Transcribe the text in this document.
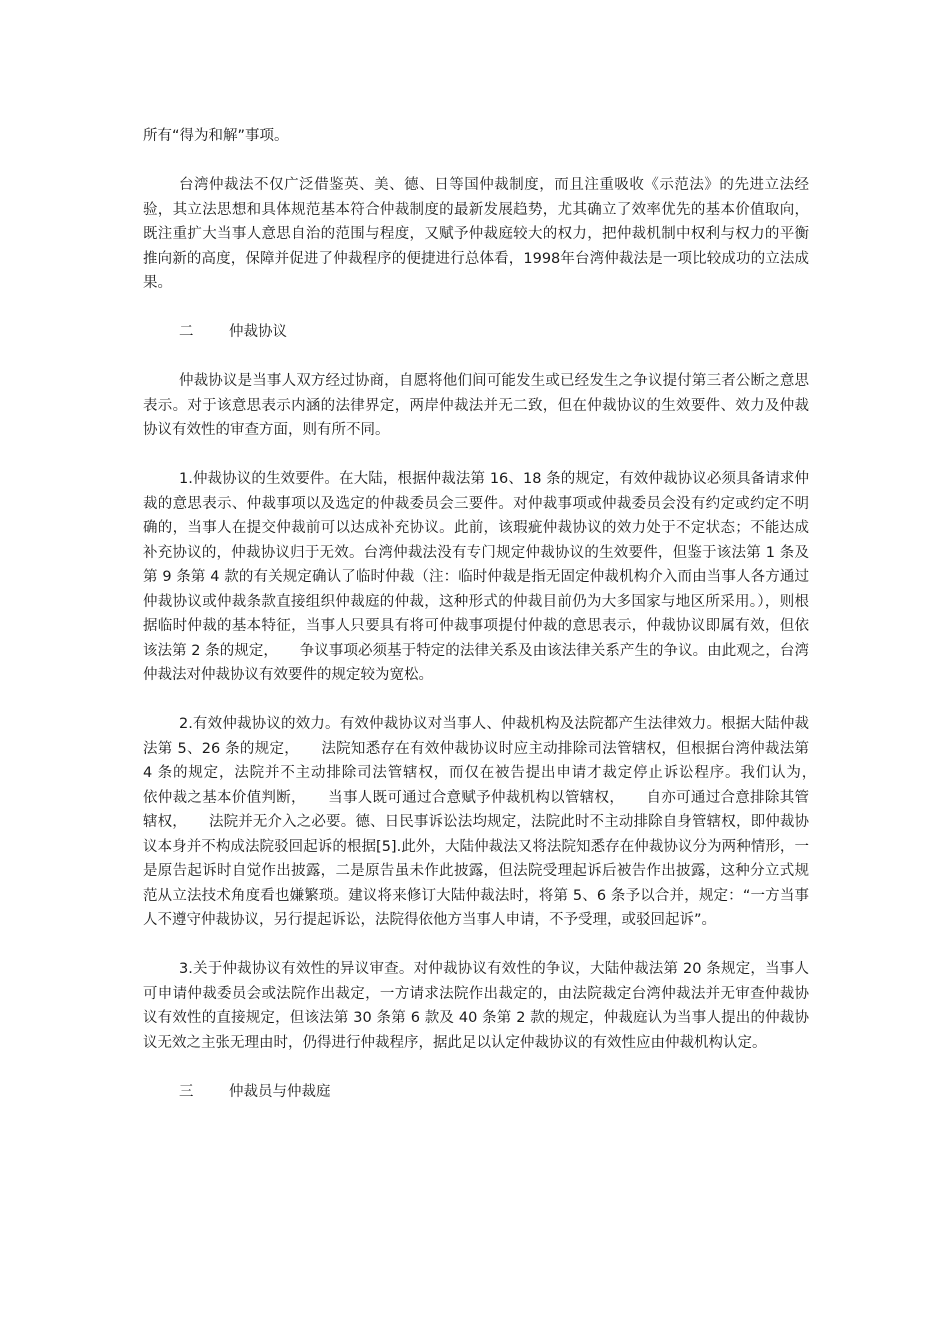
所有“得为和解”事项。

台湾仲裁法不仅广泛借鉴英、美、德、日等国仲裁制度，而且注重吸收《示范法》的先进立法经验，其立法思想和具体规范基本符合仲裁制度的最新发展趋势，尤其确立了效率优先的基本价值取向，既注重扩大当事人意思自治的范围与程度，又赋予仲裁庭较大的权力，把仲裁机制中权利与权力的平衡推向新的高度，保障并促进了仲裁程序的便捷进行总体看，1998年台湾仲裁法是一项比较成功的立法成果。

二 仲裁协议

仲裁协议是当事人双方经过协商，自愿将他们间可能发生或已经发生之争议提付第三者公断之意思表示。对于该意思表示内涵的法律界定，两岸仲裁法并无二致，但在仲裁协议的生效要件、效力及仲裁协议有效性的审查方面，则有所不同。

1.仲裁协议的生效要件。在大陆，根据仲裁法第 16、18 条的规定，有效仲裁协议必须具备请求仲裁的意思表示、仲裁事项以及选定的仲裁委员会三要件。对仲裁事项或仲裁委员会没有约定或约定不明确的，当事人在提交仲裁前可以达成补充协议。此前，该瑕疵仲裁协议的效力处于不定状态；不能达成补充协议的，仲裁协议归于无效。台湾仲裁法没有专门规定仲裁协议的生效要件，但鉴于该法第 1 条及第 9 条第 4 款的有关规定确认了临时仲裁（注：临时仲裁是指无固定仲裁机构介入而由当事人各方通过仲裁协议或仲裁条款直接组织仲裁庭的仲裁，这种形式的仲裁目前仍为大多国家与地区所采用。），则根据临时仲裁的基本特征，当事人只要具有将可仲裁事项提付仲裁的意思表示，仲裁协议即属有效，但依该法第 2 条的规定，　　争议事项必须基于特定的法律关系及由该法律关系产生的争议。由此观之，台湾仲裁法对仲裁协议有效要件的规定较为宽松。

2.有效仲裁协议的效力。有效仲裁协议对当事人、仲裁机构及法院都产生法律效力。根据大陆仲裁法第 5、26 条的规定，　　法院知悉存在有效仲裁协议时应主动排除司法管辖权，但根据台湾仲裁法第 4 条的规定，法院并不主动排除司法管辖权，而仅在被告提出申请才裁定停止诉讼程序。我们认为，　　依仲裁之基本价值判断，　　当事人既可通过合意赋予仲裁机构以管辖权，　　自亦可通过合意排除其管辖权，　　法院并无介入之必要。德、日民事诉讼法均规定，法院此时不主动排除自身管辖权，即仲裁协议本身并不构成法院驳回起诉的根据[5].此外，大陆仲裁法又将法院知悉存在仲裁协议分为两种情形，一是原告起诉时自觉作出披露，二是原告虽未作此披露，但法院受理起诉后被告作出披露，这种分立式规范从立法技术角度看也嫌繁琐。建议将来修订大陆仲裁法时，将第 5、6 条予以合并，规定：“一方当事人不遵守仲裁协议，另行提起诉讼，法院得依他方当事人申请，不予受理，或驳回起诉”。

3.关于仲裁协议有效性的异议审查。对仲裁协议有效性的争议，大陆仲裁法第 20 条规定，当事人可申请仲裁委员会或法院作出裁定，一方请求法院作出裁定的，由法院裁定台湾仲裁法并无审查仲裁协议有效性的直接规定，但该法第 30 条第 6 款及 40 条第 2 款的规定，仲裁庭认为当事人提出的仲裁协议无效之主张无理由时，仍得进行仲裁程序，据此足以认定仲裁协议的有效性应由仲裁机构认定。

三 仲裁员与仲裁庭
